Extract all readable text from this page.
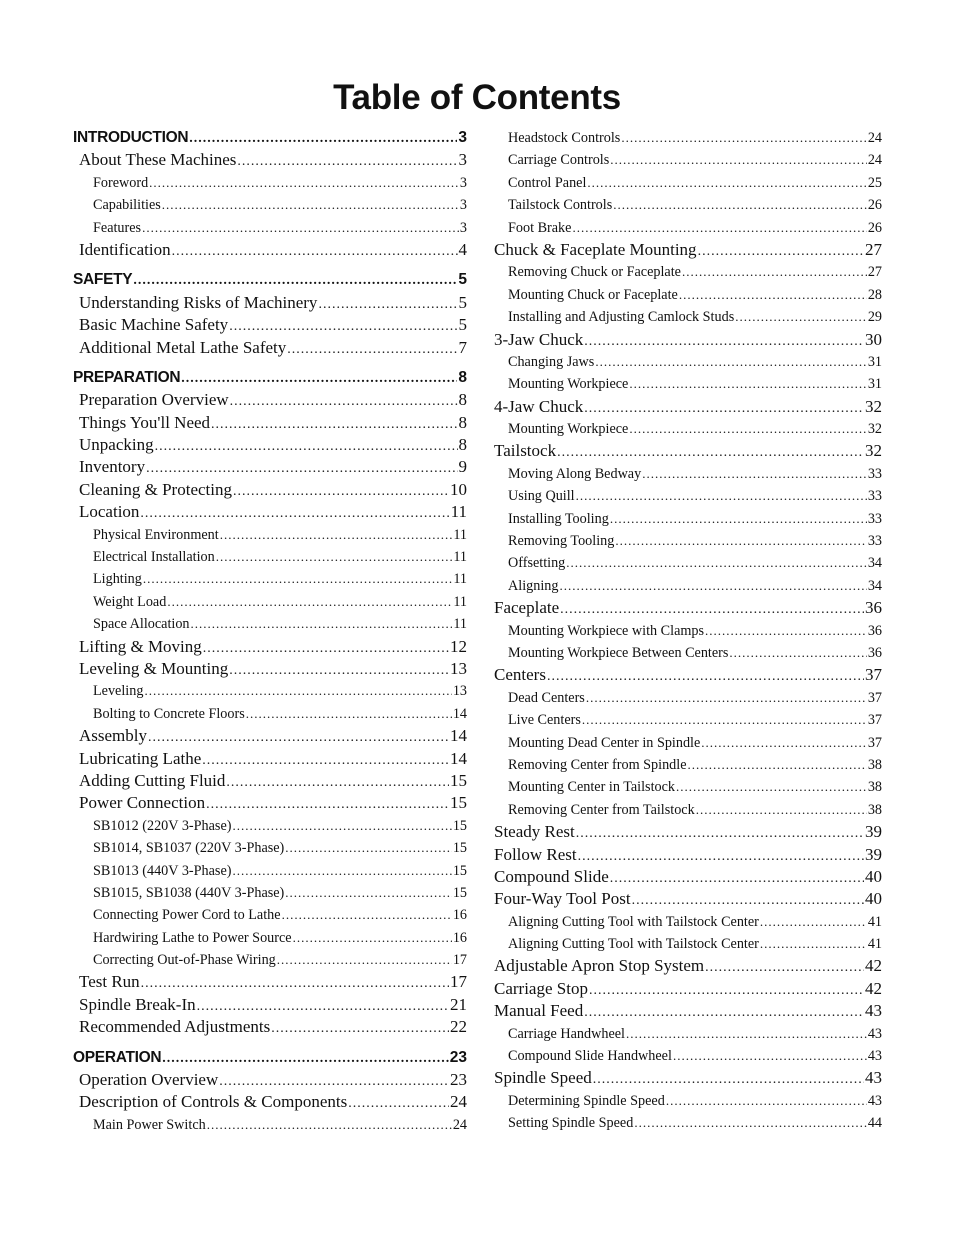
Table of Contents
INTRODUCTION .....	3
About These Machines .....	3
Foreword .....	3
Capabilities .....	3
Features .....	3
Identification .....	4
SAFETY .....	5
Understanding Risks of Machinery .....	5
Basic Machine Safety .....	5
Additional Metal Lathe Safety .....	7
PREPARATION .....	8
Preparation Overview .....	8
Things You'll Need .....	8
Unpacking .....	8
Inventory .....	9
Cleaning & Protecting .....	10
Location .....	11
Physical Environment .....	11
Electrical Installation .....	11
Lighting .....	11
Weight Load .....	11
Space Allocation .....	11
Lifting & Moving .....	12
Leveling & Mounting .....	13
Leveling .....	13
Bolting to Concrete Floors .....	14
Assembly .....	14
Lubricating Lathe .....	14
Adding Cutting Fluid .....	15
Power Connection .....	15
SB1012 (220V 3-Phase) .....	15
SB1014, SB1037 (220V 3-Phase) .....	15
SB1013 (440V 3-Phase) .....	15
SB1015, SB1038 (440V 3-Phase) .....	15
Connecting Power Cord to Lathe .....	16
Hardwiring Lathe to Power Source .....	16
Correcting Out-of-Phase Wiring .....	17
Test Run .....	17
Spindle Break-In .....	21
Recommended Adjustments .....	22
OPERATION .....	23
Operation Overview .....	23
Description of Controls & Components .....	24
Main Power Switch .....	24
Headstock Controls .....	24
Carriage Controls .....	24
Control Panel .....	25
Tailstock Controls .....	26
Foot Brake .....	26
Chuck & Faceplate Mounting .....	27
Removing Chuck or Faceplate .....	27
Mounting Chuck or Faceplate .....	28
Installing and Adjusting Camlock Studs .....	29
3-Jaw Chuck .....	30
Changing Jaws .....	31
Mounting Workpiece .....	31
4-Jaw Chuck .....	32
Mounting Workpiece .....	32
Tailstock .....	32
Moving Along Bedway .....	33
Using Quill .....	33
Installing Tooling .....	33
Removing Tooling .....	33
Offsetting .....	34
Aligning .....	34
Faceplate .....	36
Mounting Workpiece with Clamps .....	36
Mounting Workpiece Between Centers .....	36
Centers .....	37
Dead Centers .....	37
Live Centers .....	37
Mounting Dead Center in Spindle .....	37
Removing Center from Spindle .....	38
Mounting Center in Tailstock .....	38
Removing Center from Tailstock .....	38
Steady Rest .....	39
Follow Rest .....	39
Compound Slide .....	40
Four-Way Tool Post .....	40
Aligning Cutting Tool with Tailstock Center .....	41
Aligning Cutting Tool with Tailstock Center .....	41
Adjustable Apron Stop System .....	42
Carriage Stop .....	42
Manual Feed .....	43
Carriage Handwheel .....	43
Compound Slide Handwheel .....	43
Spindle Speed .....	43
Determining Spindle Speed .....	43
Setting Spindle Speed .....	44
